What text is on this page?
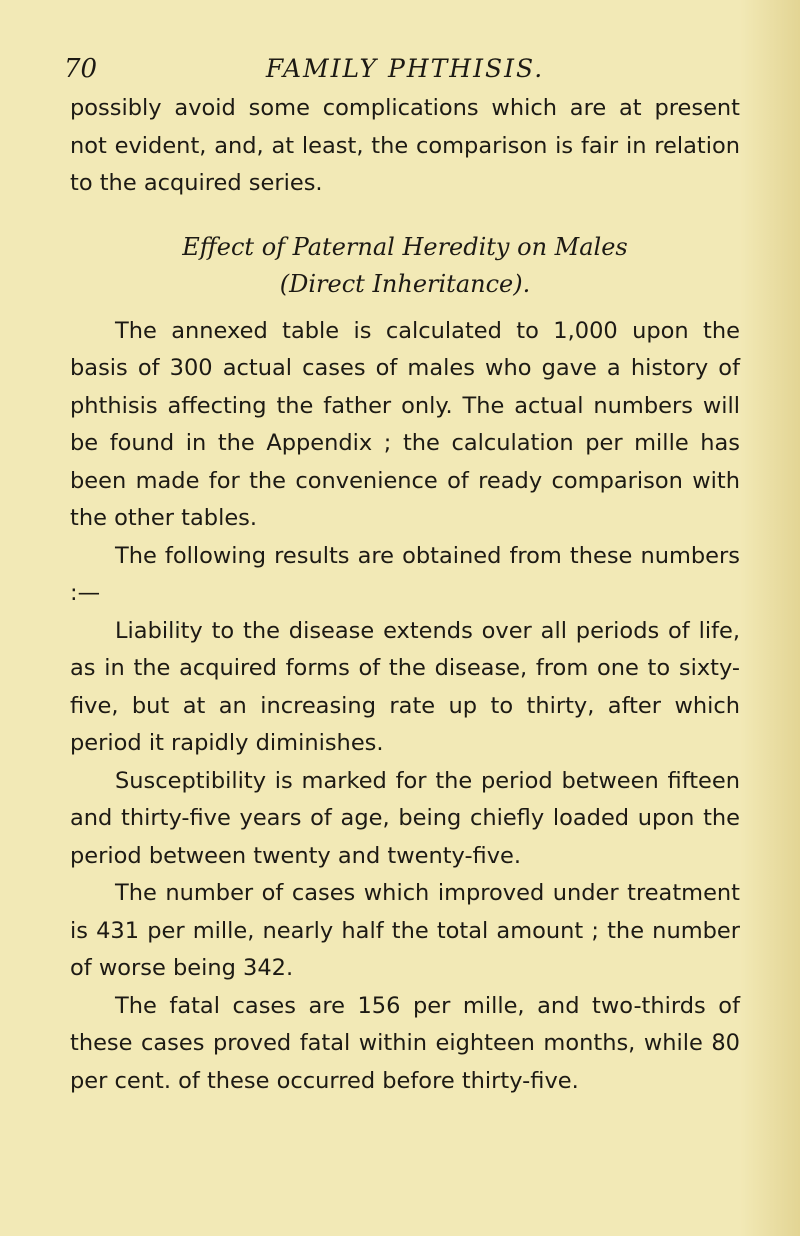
70	FAMILY PHTHISIS.

possibly avoid some complications which are at present not evident, and, at least, the comparison is fair in relation to the acquired series.

Effect of Paternal Heredity on Males
(Direct Inheritance).

The annexed table is calculated to 1,000 upon the basis of 300 actual cases of males who gave a history of phthisis affecting the father only. The actual numbers will be found in the Appendix ; the calculation per mille has been made for the convenience of ready comparison with the other tables.

The following results are obtained from these numbers :—

Liability to the disease extends over all periods of life, as in the acquired forms of the disease, from one to sixty-five, but at an increasing rate up to thirty, after which period it rapidly diminishes.

Susceptibility is marked for the period between fifteen and thirty-five years of age, being chiefly loaded upon the period between twenty and twenty-five.

The number of cases which improved under treatment is 431 per mille, nearly half the total amount ; the number of worse being 342.

The fatal cases are 156 per mille, and two-thirds of these cases proved fatal within eighteen months, while 80 per cent. of these occurred before thirty-five.
